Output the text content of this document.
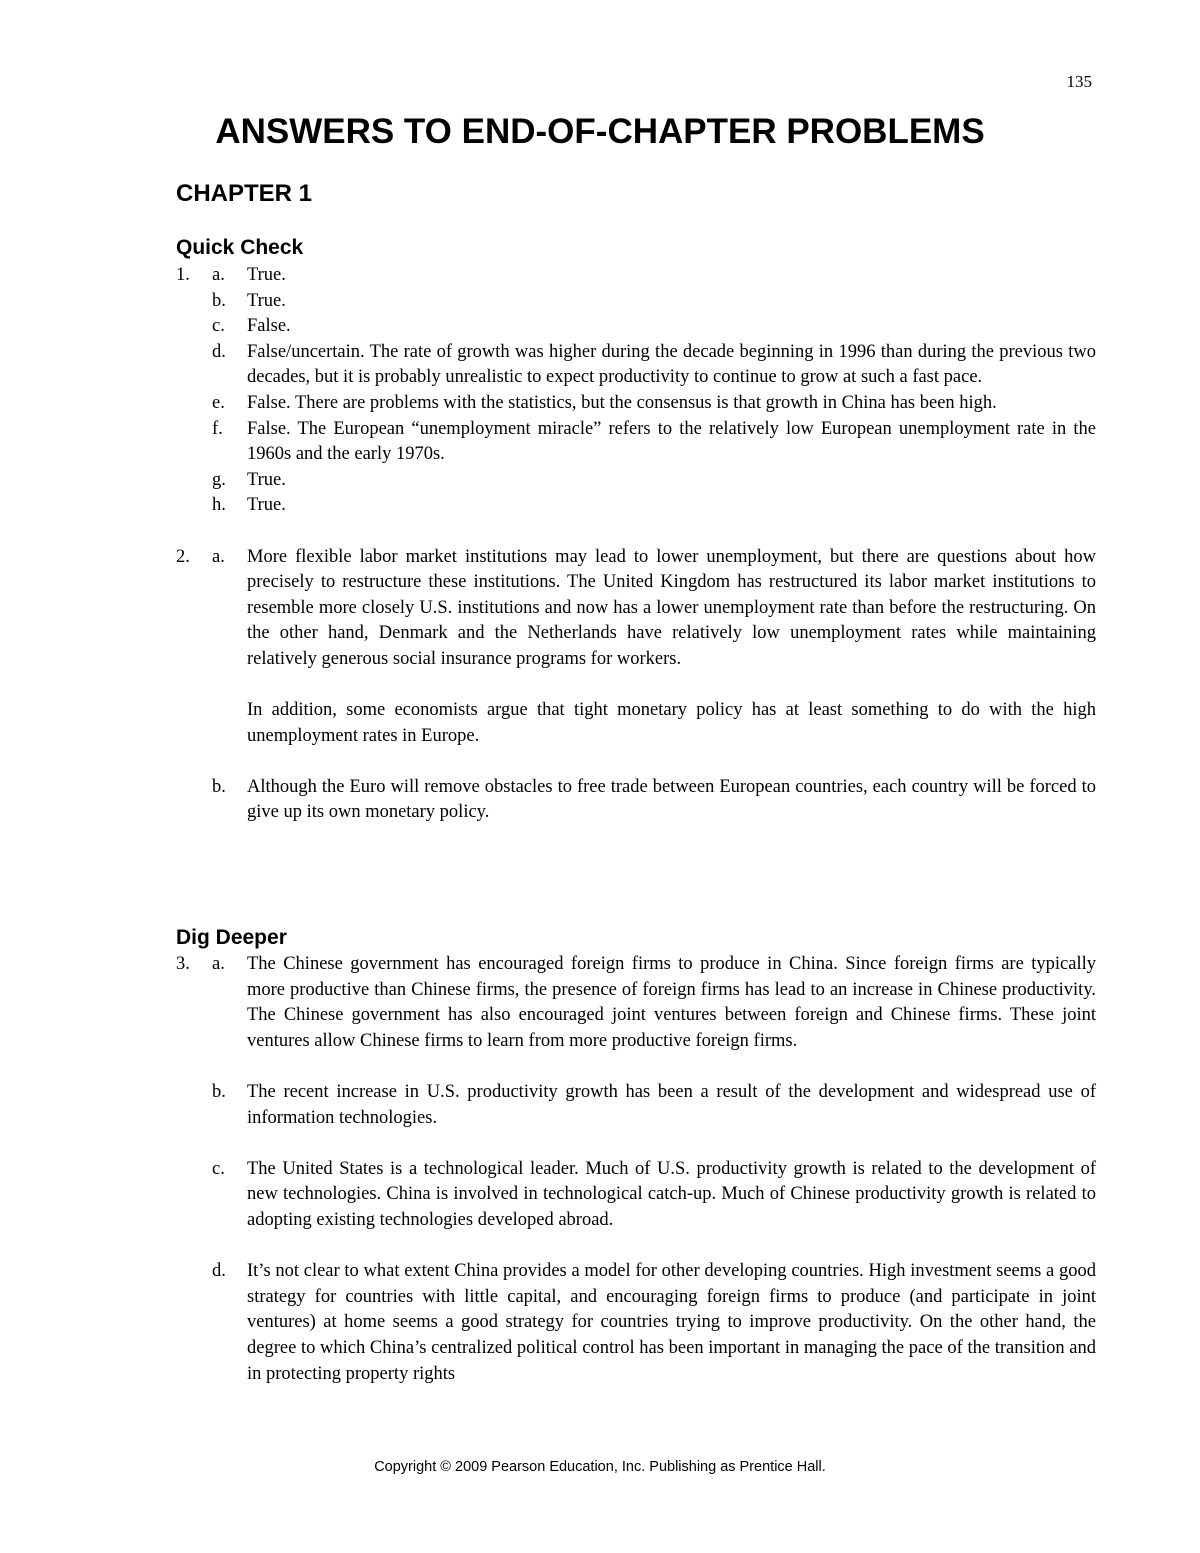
135
ANSWERS TO END-OF-CHAPTER PROBLEMS
CHAPTER 1
Quick Check
1. a. True.
b. True.
c. False.
d. False/uncertain. The rate of growth was higher during the decade beginning in 1996 than during the previous two decades, but it is probably unrealistic to expect productivity to continue to grow at such a fast pace.
e. False. There are problems with the statistics, but the consensus is that growth in China has been high.
f. False. The European “unemployment miracle” refers to the relatively low European unemployment rate in the 1960s and the early 1970s.
g. True.
h. True.
2. a. More flexible labor market institutions may lead to lower unemployment, but there are questions about how precisely to restructure these institutions. The United Kingdom has restructured its labor market institutions to resemble more closely U.S. institutions and now has a lower unemployment rate than before the restructuring. On the other hand, Denmark and the Netherlands have relatively low unemployment rates while maintaining relatively generous social insurance programs for workers.
In addition, some economists argue that tight monetary policy has at least something to do with the high unemployment rates in Europe.
b. Although the Euro will remove obstacles to free trade between European countries, each country will be forced to give up its own monetary policy.
Dig Deeper
3. a. The Chinese government has encouraged foreign firms to produce in China. Since foreign firms are typically more productive than Chinese firms, the presence of foreign firms has lead to an increase in Chinese productivity. The Chinese government has also encouraged joint ventures between foreign and Chinese firms. These joint ventures allow Chinese firms to learn from more productive foreign firms.
b. The recent increase in U.S. productivity growth has been a result of the development and widespread use of information technologies.
c. The United States is a technological leader. Much of U.S. productivity growth is related to the development of new technologies. China is involved in technological catch-up. Much of Chinese productivity growth is related to adopting existing technologies developed abroad.
d. It’s not clear to what extent China provides a model for other developing countries. High investment seems a good strategy for countries with little capital, and encouraging foreign firms to produce (and participate in joint ventures) at home seems a good strategy for countries trying to improve productivity. On the other hand, the degree to which China’s centralized political control has been important in managing the pace of the transition and in protecting property rights
Copyright © 2009 Pearson Education, Inc. Publishing as Prentice Hall.
